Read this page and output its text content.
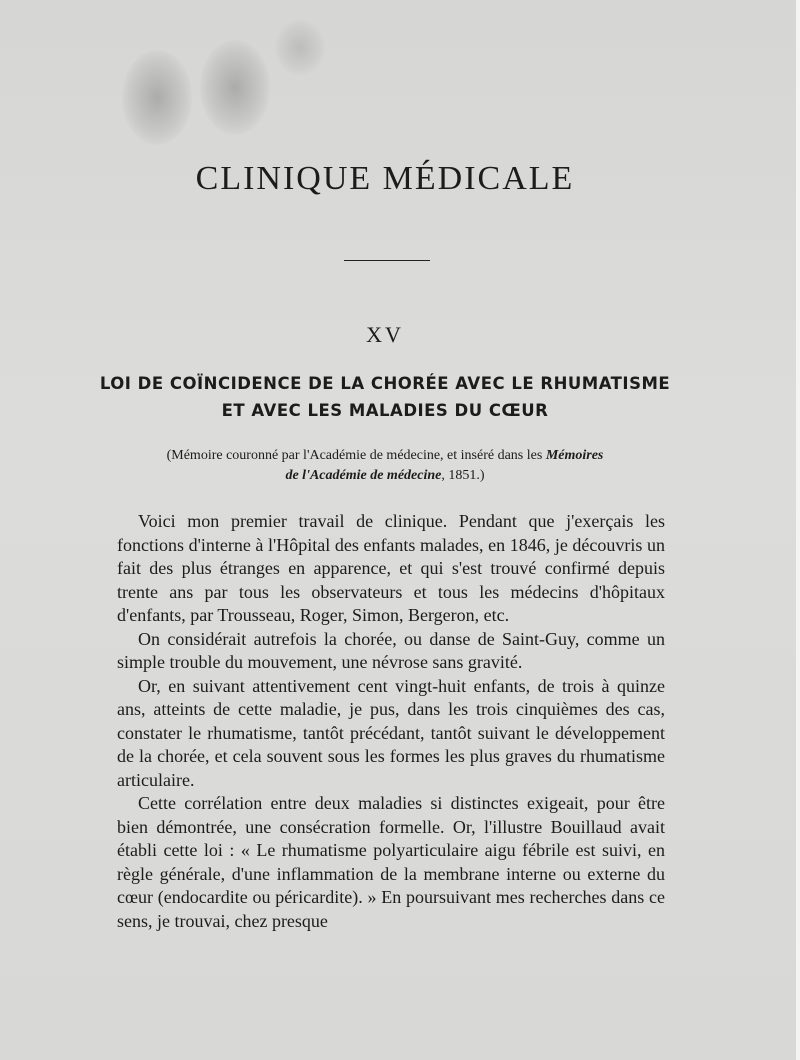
CLINIQUE MÉDICALE
XV
LOI DE COÏNCIDENCE DE LA CHORÉE AVEC LE RHUMATISME
ET AVEC LES MALADIES DU CŒUR
(Mémoire couronné par l'Académie de médecine, et inséré dans les Mémoires
de l'Académie de médecine, 1851.)

Voici mon premier travail de clinique. Pendant que j'exerçais les fonctions d'interne à l'Hôpital des enfants malades, en 1846, je découvris un fait des plus étranges en apparence, et qui s'est trouvé confirmé depuis trente ans par tous les observateurs et tous les médecins d'hôpitaux d'enfants, par Trousseau, Roger, Simon, Bergeron, etc.

On considérait autrefois la chorée, ou danse de Saint-Guy, comme un simple trouble du mouvement, une névrose sans gravité.

Or, en suivant attentivement cent vingt-huit enfants, de trois à quinze ans, atteints de cette maladie, je pus, dans les trois cinquièmes des cas, constater le rhumatisme, tantôt précédant, tantôt suivant le développement de la chorée, et cela souvent sous les formes les plus graves du rhumatisme articulaire.

Cette corrélation entre deux maladies si distinctes exigeait, pour être bien démontrée, une consécration formelle. Or, l'illustre Bouillaud avait établi cette loi : « Le rhumatisme polyarticulaire aigu fébrile est suivi, en règle générale, d'une inflammation de la membrane interne ou externe du cœur (endocardite ou péricardite). » En poursuivant mes recherches dans ce sens, je trouvai, chez presque
